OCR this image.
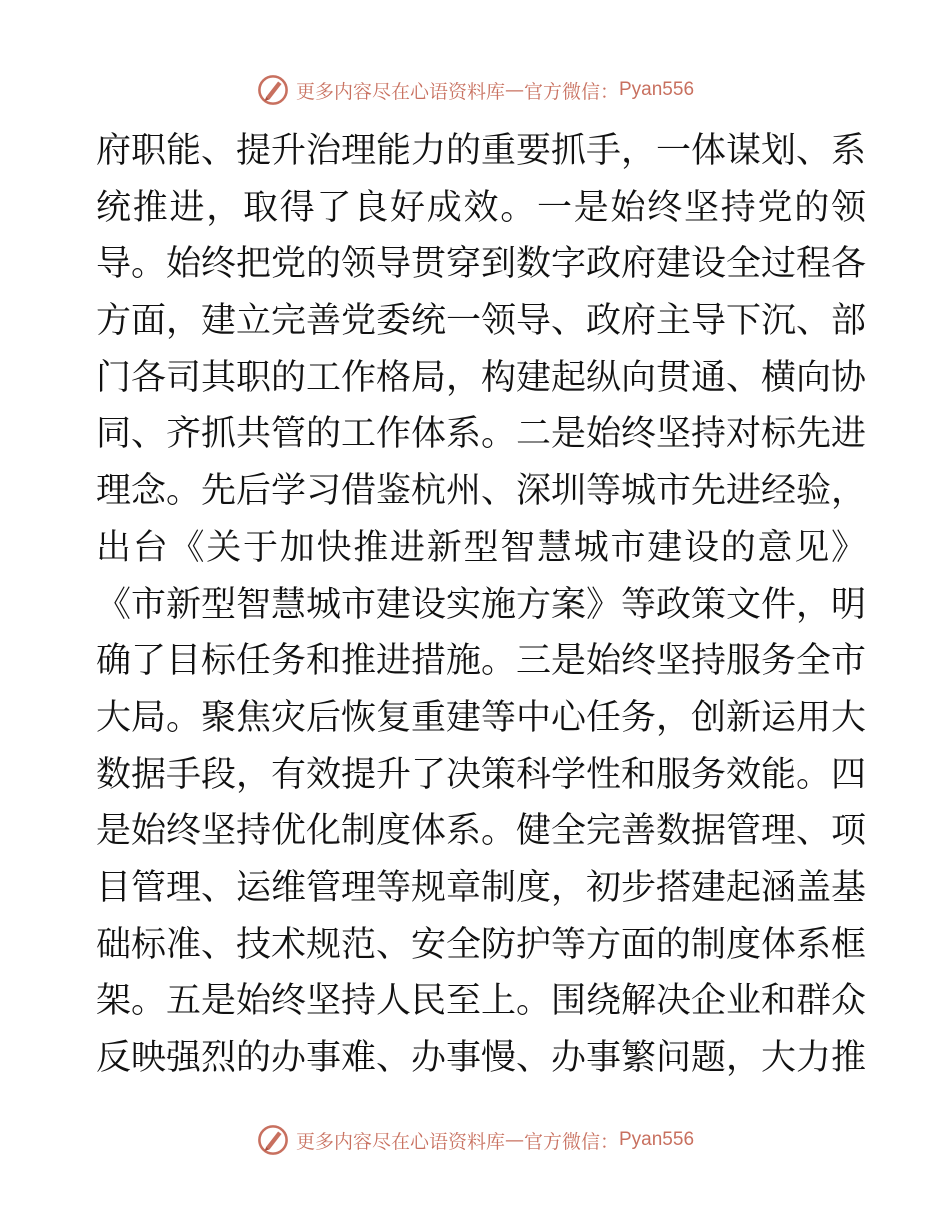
更多内容尽在心语资料库 — 官方微信： Pyan556
府职能、提升治理能力的重要抓手，一体谋划、系
统推进，取得了良好成效。一是始终坚持党的领
导。始终把党的领导贯穿到数字政府建设全过程各
方面，建立完善党委统一领导、政府主导下沉、部
门各司其职的工作格局，构建起纵向贯通、横向协
同、齐抓共管的工作体系。二是始终坚持对标先进
理念。先后学习借鉴杭州、深圳等城市先进经验，
出台《关于加快推进新型智慧城市建设的意见》
《市新型智慧城市建设实施方案》等政策文件，明
确了目标任务和推进措施。三是始终坚持服务全市
大局。聚焦灾后恢复重建等中心任务，创新运用大
数据手段，有效提升了决策科学性和服务效能。四
是始终坚持优化制度体系。健全完善数据管理、项
目管理、运维管理等规章制度，初步搭建起涵盖基
础标准、技术规范、安全防护等方面的制度体系框
架。五是始终坚持人民至上。围绕解决企业和群众
反映强烈的办事难、办事慢、办事繁问题，大力推
更多内容尽在心语资料库 — 官方微信： Pyan556
